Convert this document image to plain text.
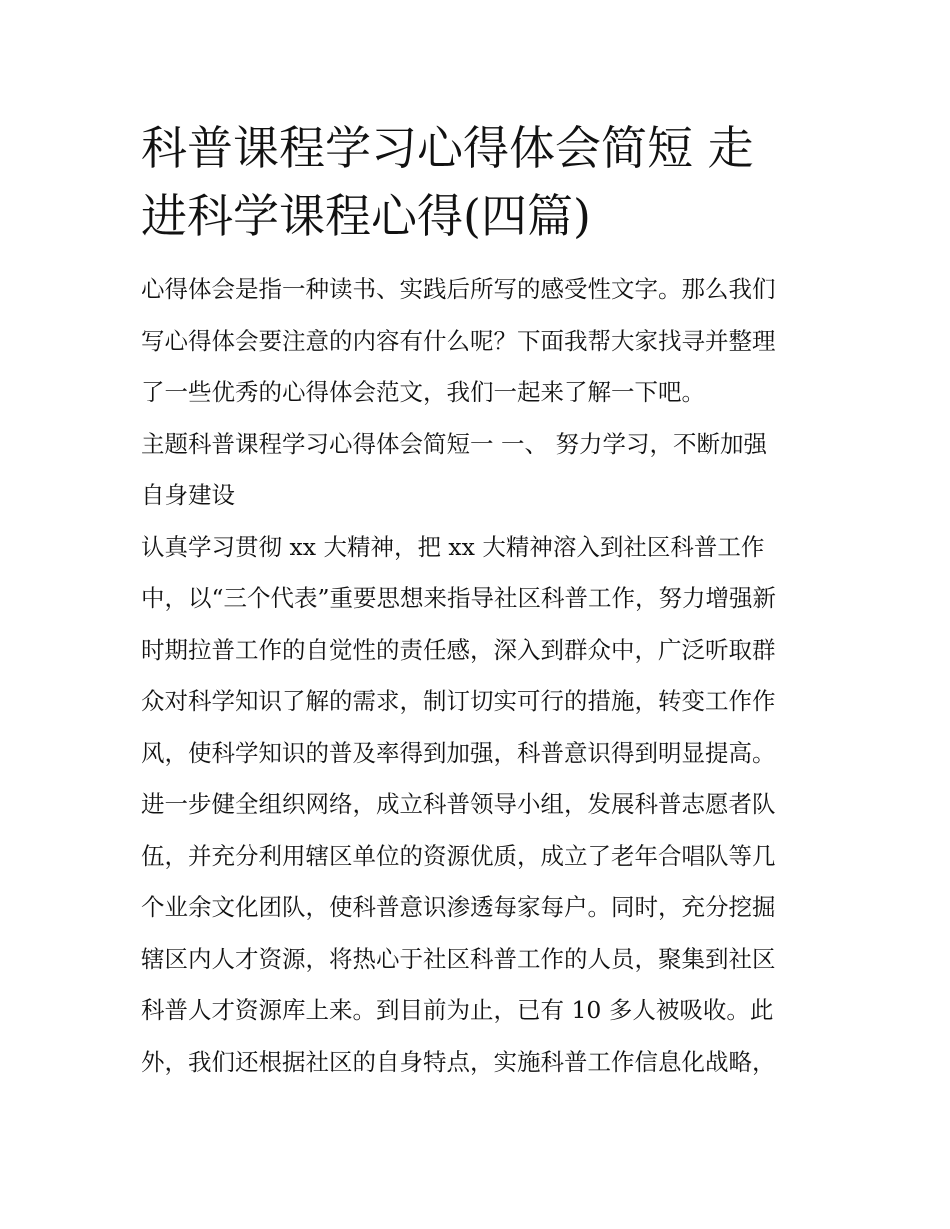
科普课程学习心得体会简短 走
进科学课程心得(四篇)

心得体会是指一种读书、实践后所写的感受性文字。那么我们
写心得体会要注意的内容有什么呢？下面我帮大家找寻并整理
了一些优秀的心得体会范文，我们一起来了解一下吧。

主题科普课程学习心得体会简短一 一、 努力学习，不断加强
自身建设

认真学习贯彻 xx 大精神，把 xx 大精神溶入到社区科普工作
中，以“三个代表”重要思想来指导社区科普工作，努力增强新
时期拉普工作的自觉性的责任感，深入到群众中，广泛听取群
众对科学知识了解的需求，制订切实可行的措施，转变工作作
风，使科学知识的普及率得到加强，科普意识得到明显提高。
进一步健全组织网络，成立科普领导小组，发展科普志愿者队
伍，并充分利用辖区单位的资源优质，成立了老年合唱队等几
个业余文化团队，使科普意识渗透每家每户。同时，充分挖掘
辖区内人才资源，将热心于社区科普工作的人员，聚集到社区
科普人才资源库上来。到目前为止，已有 10 多人被吸收。此
外，我们还根据社区的自身特点，实施科普工作信息化战略，
